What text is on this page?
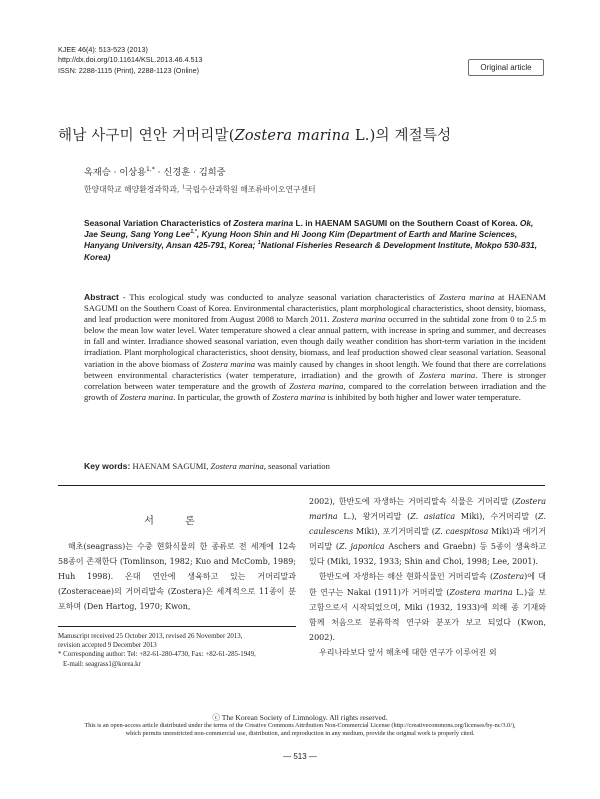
KJEE 46(4): 513-523 (2013)
http://dx.doi.org/10.11614/KSL.2013.46.4.513
ISSN: 2288-1115 (Print), 2288-1123 (Online)	Original article
해남 사구미 연안 거머리말(Zostera marina L.)의 계절특성
옥재승 · 이상용$^{1,*}$ · 신경훈 · 김희중
한양대학교 해양환경과학과, $^1$국립수산과학원 해조류바이오연구센터
Seasonal Variation Characteristics of Zostera marina L. in HAENAM SAGUMI on the Southern Coast of Korea. Ok, Jae Seung, Sang Yong Lee$^{1,*}$, Kyung Hoon Shin and Hi Joong Kim (Department of Earth and Marine Sciences, Hanyang University, Ansan 425-791, Korea; $^1$National Fisheries Research & Development Institute, Mokpo 530-831, Korea)
Abstract - This ecological study was conducted to analyze seasonal variation characteristics of Zostera marina at HAENAM SAGUMI on the Southern Coast of Korea. Environmental characteristics, plant morphological characteristics, shoot density, biomass, and leaf production were monitored from August 2008 to March 2011. Zostera marina occurred in the subtidal zone from 0 to 2.5 m below the mean low water level. Water temperature showed a clear annual pattern, with increase in spring and summer, and decreases in fall and winter. Irradiance showed seasonal variation, even though daily weather condition has short-term variation in the incident irradiation. Plant morphological characteristics, shoot density, biomass, and leaf production showed clear seasonal variation. Seasonal variation in the above biomass of Zostera marina was mainly caused by changes in shoot length. We found that there are correlations between environmental characteristics (water temperature, irradiation) and the growth of Zostera marina. There is stronger correlation between water temperature and the growth of Zostera marina, compared to the correlation between irradiation and the growth of Zostera marina. In particular, the growth of Zostera marina is inhibited by both higher and lower water temperature.
Key words: HAENAM SAGUMI, Zostera marina, seasonal variation
서 론

해초(seagrass)는 수중 현화식물의 한 종류로 전 세계에 12속 58종이 존재한다 (Tomlinson, 1982; Kuo and McComb, 1989; Huh 1998). 온대 연안에 생육하고 있는 거머리말과 (Zosteraceae)의 거머리말속 (Zostera)은 세계적으로 11종이 분포하며 (Den Hartog, 1970; Kwon,

2002), 한반도에 자생하는 거머리말속 식물은 거머리말 (Zostera marina L.), 왕거머리말 (Z. asiatica Miki), 수거머리말 (Z. caulescens Miki), 포기거머리말 (Z. caespitosa Miki)과 애기거머리말 (Z. japonica Aschers and Graebn) 등 5종이 생육하고 있다 (Miki, 1932, 1933; Shin and Choi, 1998; Lee, 2001).

한반도에 자생하는 해산 현화식물인 거머리말속 (Zostera)에 대한 연구는 Nakai (1911)가 거머리말 (Zostera marina L.)을 보고함으로서 시작되었으며, Miki (1932, 1933)에 의해 종 기재와 함께 처음으로 분류학적 연구와 분포가 보고 되었다 (Kwon, 2002).

우리나라보다 앞서 해초에 대한 연구가 이루어진 외

Manuscript received 25 October 2013, revised 26 November 2013,
revision accepted 9 December 2013
* Corresponding author: Tel: +82-61-280-4730, Fax: +82-61-285-1949,
E-mail: seagrass1@korea.kr
ⓒ The Korean Society of Limnology. All rights reserved.
This is an open-access article distributed under the terms of the Creative Commons Attribution Non-Commercial License (http://creativecommons.org/licenses/by-nc/3.0/),
which permits unrestricted non-commercial use, distribution, and reproduction in any medium, provide the original work is properly cited.
— 513 —
